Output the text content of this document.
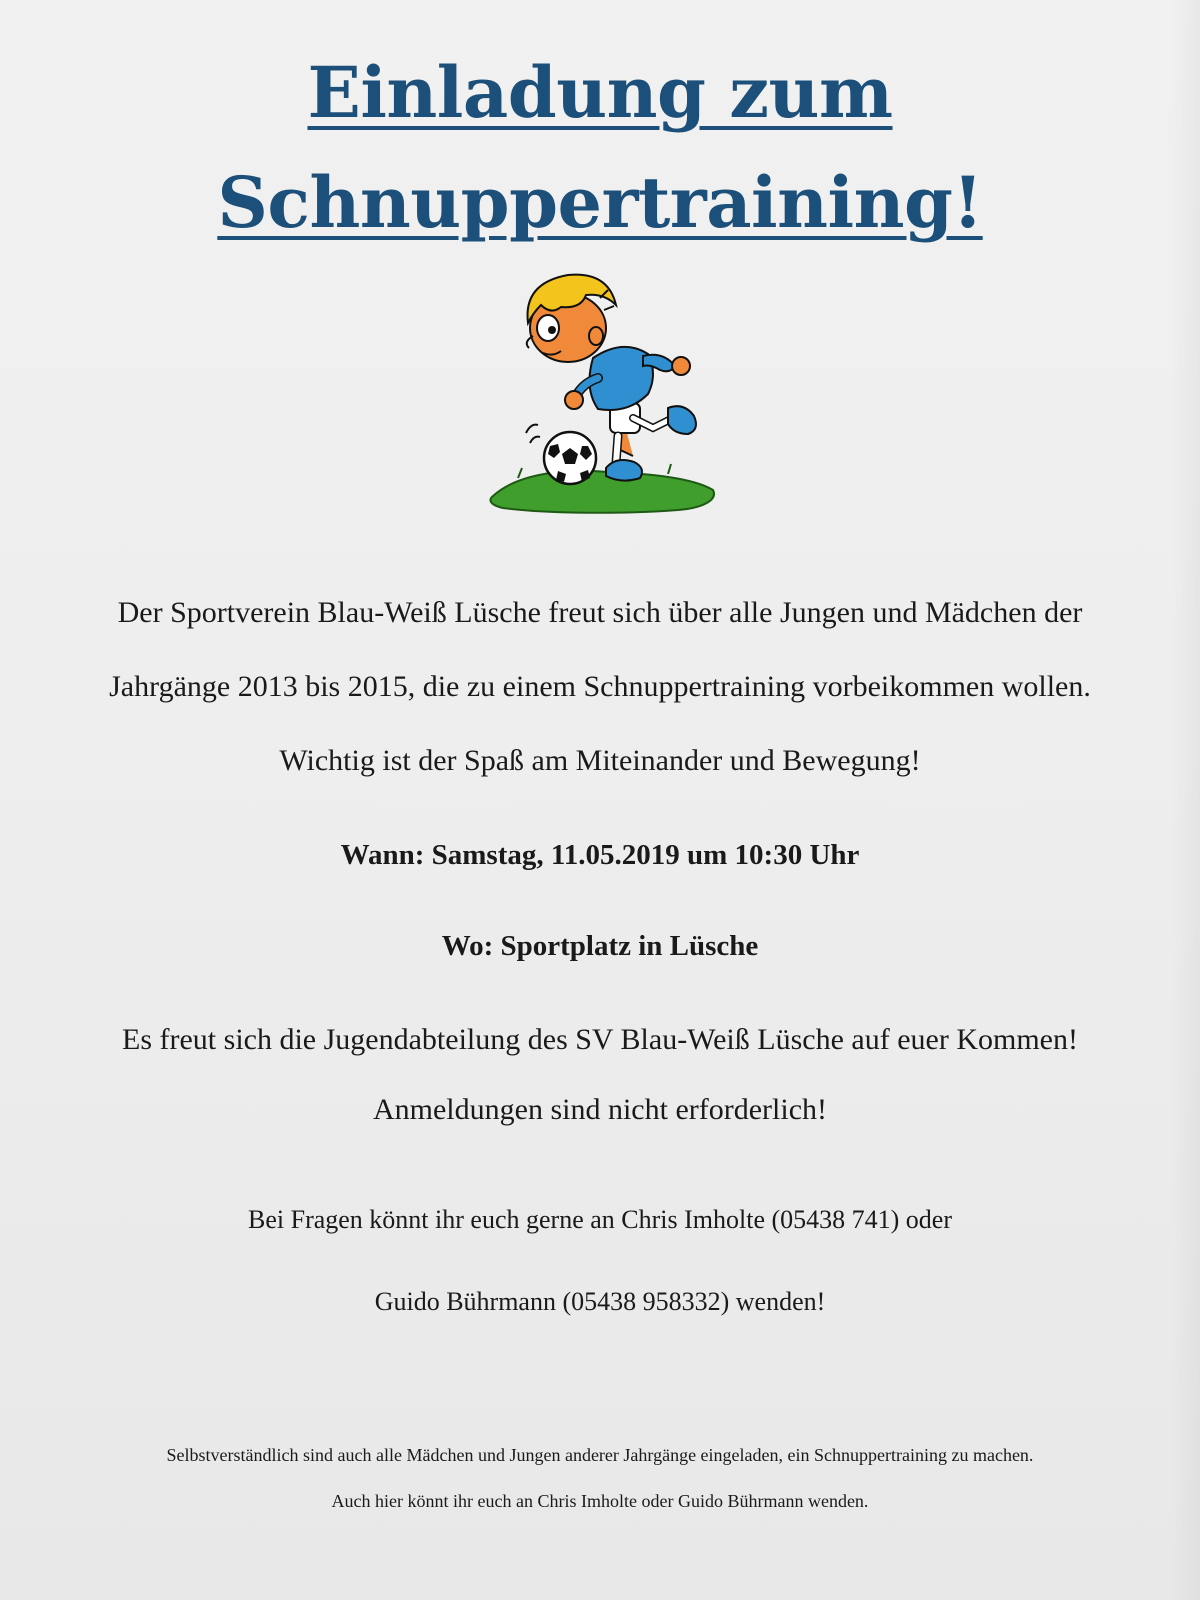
Einladung zum
Schnuppertraining!
Der Sportverein Blau-Weiß Lüsche freut sich über alle Jungen und Mädchen der
Jahrgänge 2013 bis 2015, die zu einem Schnuppertraining vorbeikommen wollen.
Wichtig ist der Spaß am Miteinander und Bewegung!
Wann: Samstag, 11.05.2019 um 10:30 Uhr
Wo: Sportplatz in Lüsche
Es freut sich die Jugendabteilung des SV Blau-Weiß Lüsche auf euer Kommen!
Anmeldungen sind nicht erforderlich!
Bei Fragen könnt ihr euch gerne an Chris Imholte (05438 741) oder
Guido Bührmann (05438 958332) wenden!
Selbstverständlich sind auch alle Mädchen und Jungen anderer Jahrgänge eingeladen, ein Schnuppertraining zu machen.
Auch hier könnt ihr euch an Chris Imholte oder Guido Bührmann wenden.
